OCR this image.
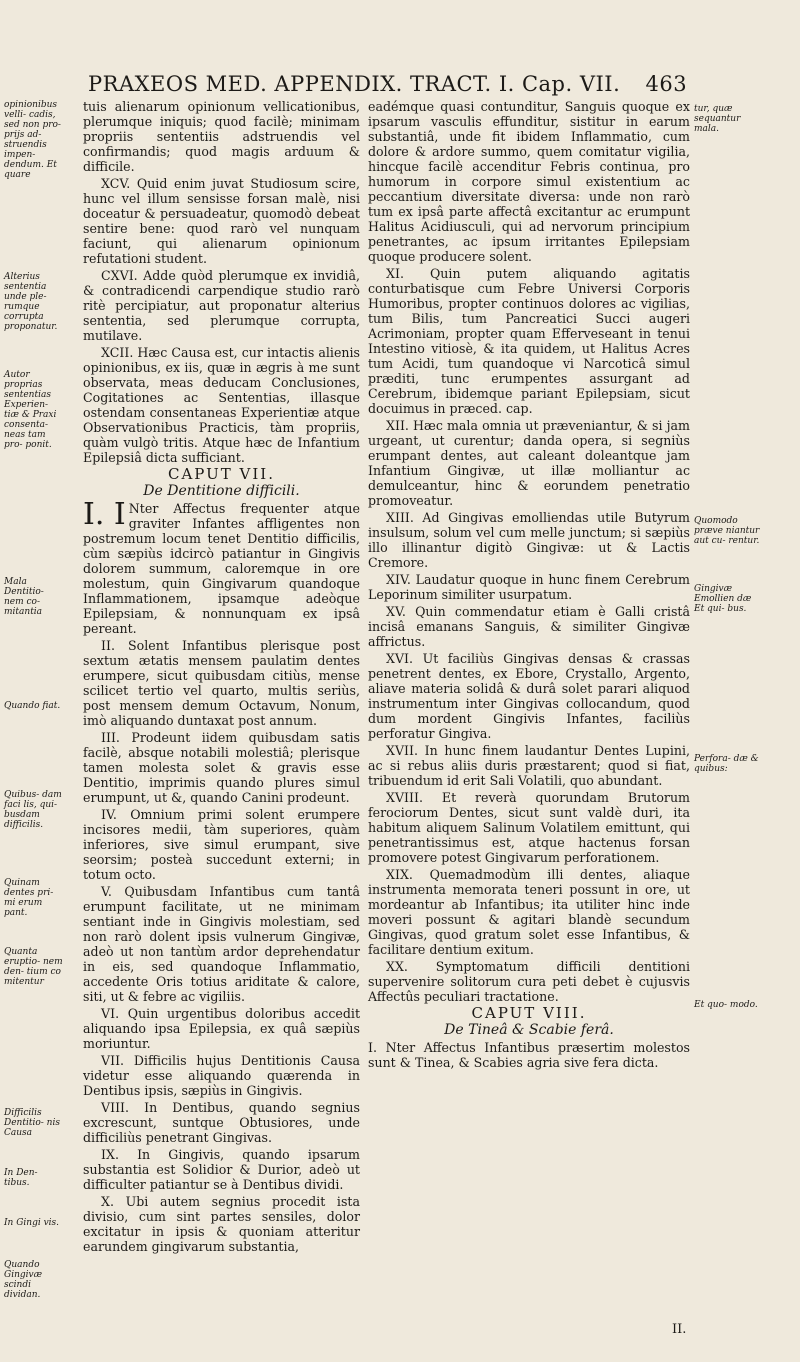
PRAXEOS MED. APPENDIX. TRACT. I. Cap. VII. 463
opinionibus velli- cadis, sed non pro- prijs ad- struendis impen- dendum. Et quare
Alterius sententia unde ple- rumque corrupta proponatur.
Autor proprias sententias Experien- tiæ & Praxi consenta- neas tam pro- ponit.
Mala Dentitio- nem co- mitantia
Quando fiat.
Quibus- dam faci lis, qui- busdam difficilis.
Quinam dentes pri- mi erum pant.
Quanta eruptio- nem den- tium co mitentur
Difficilis Dentitio- nis Causa
In Den- tibus.
In Gingi vis.
Quando Gingivæ scindi dividan.
tur, quæ sequantur mala.
Quomodo præve niantur aut cu- rentur.
Gingivæ Emollien dæ Et qui- bus.
Perfora- dæ & quibus:
Et quo- modo.

tuis alienarum opinionum vellicationibus, plerumque iniquis; quod facilè; minimam propriis sententiis adstruendis vel confirmandis; quod magis arduum & difficile.

XCV. Quid enim juvat Studiosum scire, hunc vel illum sensisse forsan malè, nisi doceatur & persuadeatur, quomodò debeat sentire bene: quod rarò vel nunquam faciunt, qui alienarum opinionum refutationi student.

CXVI. Adde quòd plerumque ex invidiâ, & contradicendi carpendique studio rarò ritè percipiatur, aut proponatur alterius sententia, sed plerumque corrupta, mutilave.

XCII. Hæc Causa est, cur intactis alienis opinionibus, ex iis, quæ in ægris à me sunt observata, meas deducam Conclusiones, Cogitationes ac Sententias, illasque ostendam consentaneas Experientiæ atque Observationibus Practicis, tàm propriis, quàm vulgò tritis. Atque hæc de Infantium Epilepsiâ dicta sufficiant.

CAPUT VII.

De Dentitione difficili.

I. I Nter Affectus frequenter atque graviter Infantes affligentes non postremum locum tenet Dentitio difficilis, cùm sæpiùs idcircò patiantur in Gingivis dolorem summum, caloremque in ore molestum, quin Gingivarum quandoque Inflammationem, ipsamque adeòque Epilepsiam, & nonnunquam ex ipsâ pereant.

II. Solent Infantibus plerisque post sextum ætatis mensem paulatim dentes erumpere, sicut quibusdam citiùs, mense scilicet tertio vel quarto, multis seriùs, post mensem demum Octavum, Nonum, imò aliquando duntaxat post annum.

III. Prodeunt iidem quibusdam satis facilè, absque notabili molestiâ; plerisque tamen molesta solet & gravis esse Dentitio, imprimis quando plures simul erumpunt, ut &, quando Canini prodeunt.

IV. Omnium primi solent erumpere incisores medii, tàm superiores, quàm inferiores, sive simul erumpant, sive seorsim; posteà succedunt externi; in totum octo.

V. Quibusdam Infantibus cum tantâ erumpunt facilitate, ut ne minimam sentiant inde in Gingivis molestiam, sed non rarò dolent ipsis vulnerum Gingivæ, adeò ut non tantùm ardor deprehendatur in eis, sed quandoque Inflammatio, accedente Oris totius ariditate & calore, siti, ut & febre ac vigiliis.

VI. Quin urgentibus doloribus accedit aliquando ipsa Epilepsia, ex quâ sæpiùs moriuntur.

VII. Difficilis hujus Dentitionis Causa videtur esse aliquando quærenda in Dentibus ipsis, sæpiùs in Gingivis.

VIII. In Dentibus, quando segnius excrescunt, suntque Obtusiores, unde difficiliùs penetrant Gingivas.

IX. In Gingivis, quando ipsarum substantia est Solidior & Durior, adeò ut difficulter patiantur se à Dentibus dividi.

X. Ubi autem segnius procedit ista divisio, cum sint partes sensiles, dolor excitatur in ipsis & quoniam atteritur earundem gingivarum substantia,

eadémque quasi contunditur, Sanguis quoque ex ipsarum vasculis effunditur, sistitur in earum substantiâ, unde fit ibidem Inflammatio, cum dolore & ardore summo, quem comitatur vigilia, hincque facilè accenditur Febris continua, pro humorum in corpore simul existentium ac peccantium diversitate diversa: unde non rarò tum ex ipsâ parte affectâ excitantur ac erumpunt Halitus Acidiusculi, qui ad nervorum principium penetrantes, ac ipsum irritantes Epilepsiam quoque producere solent.

XI. Quin putem aliquando agitatis conturbatisque cum Febre Universi Corporis Humoribus, propter continuos dolores ac vigilias, tum Bilis, tum Pancreatici Succi augeri Acrimoniam, propter quam Efferveseant in tenui Intestino vitiosè, & ita quidem, ut Halitus Acres tum Acidi, tum quandoque vi Narcoticâ simul præditi, tunc erumpentes assurgant ad Cerebrum, ibidemque pariant Epilepsiam, sicut docuimus in præced. cap.

XII. Hæc mala omnia ut præveniantur, & si jam urgeant, ut curentur; danda opera, si segniùs erumpant dentes, aut caleant doleantque jam Infantium Gingivæ, ut illæ molliantur ac demulceantur, hinc & eorundem penetratio promoveatur.

XIII. Ad Gingivas emolliendas utile Butyrum insulsum, solum vel cum melle junctum; si sæpiùs illo illinantur digitò Gingivæ: ut & Lactis Cremore.

XIV. Laudatur quoque in hunc finem Cerebrum Leporinum similiter usurpatum.

XV. Quin commendatur etiam è Galli cristâ incisâ emanans Sanguis, & similiter Gingivæ affrictus.

XVI. Ut faciliùs Gingivas densas & crassas penetrent dentes, ex Ebore, Crystallo, Argento, aliave materia solidâ & durâ solet parari aliquod instrumentum inter Gingivas collocandum, quod dum mordent Gingivis Infantes, faciliùs perforatur Gingiva.

XVII. In hunc finem laudantur Dentes Lupini, ac si rebus aliis duris præstarent; quod si fiat, tribuendum id erit Sali Volatili, quo abundant.

XVIII. Et reverà quorundam Brutorum ferociorum Dentes, sicut sunt valdè duri, ita habitum aliquem Salinum Volatilem emittunt, qui penetrantissimus est, atque hactenus forsan promovere potest Gingivarum perforationem.

XIX. Quemadmodùm illi dentes, aliaque instrumenta memorata teneri possunt in ore, ut mordeantur ab Infantibus; ita utiliter hinc inde moveri possunt & agitari blandè secundum Gingivas, quod gratum solet esse Infantibus, & facilitare dentium exitum.

XX. Symptomatum difficili dentitioni supervenire solitorum cura peti debet è cujusvis Affectûs peculiari tractatione.

CAPUT VIII.

De Tineâ & Scabie ferâ.

I. Nter Affectus Infantibus præsertim molestos sunt & Tinea, & Scabies agria sive fera dicta.

II.
